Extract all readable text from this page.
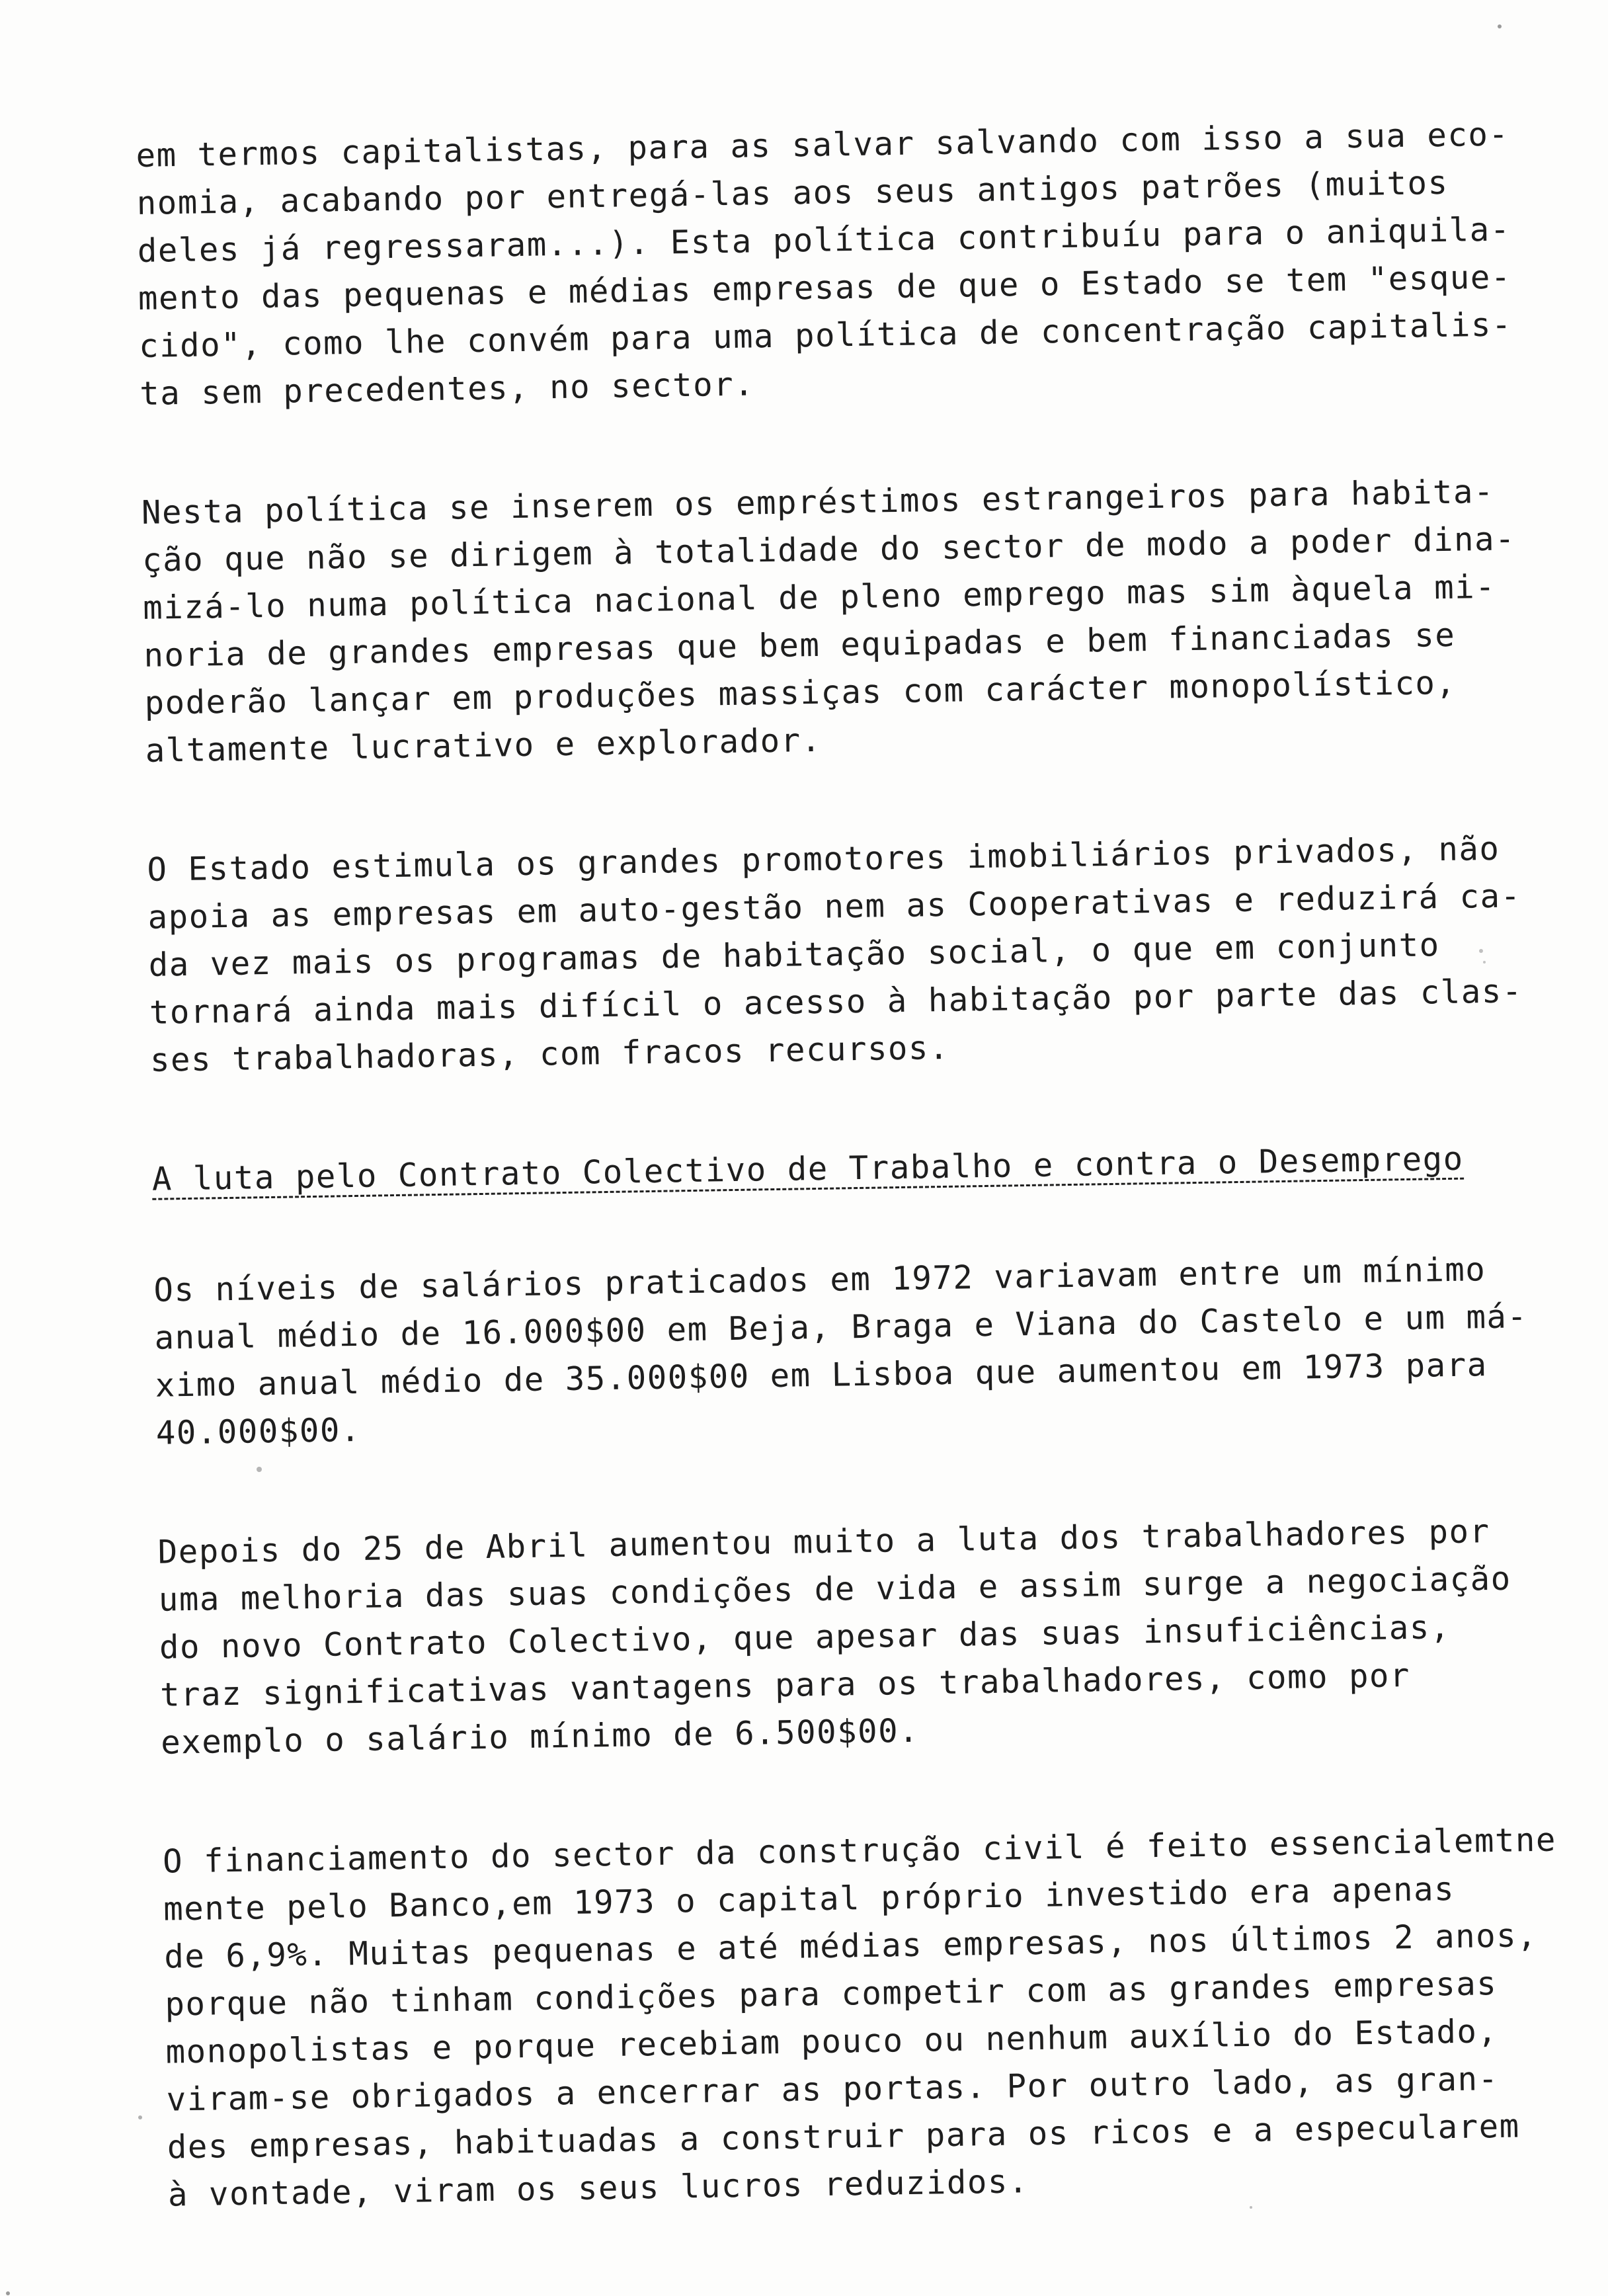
em termos capitalistas, para as salvar salvando com isso a sua eco-
nomia, acabando por entregá-las aos seus antigos patrões (muitos
deles já regressaram...). Esta política contribuíu para o aniquila-
mento das pequenas e médias empresas de que o Estado se tem "esque-
cido", como lhe convém para uma política de concentração capitalis-
ta sem precedentes, no sector.
Nesta política se inserem os empréstimos estrangeiros para habita-
ção que não se dirigem à totalidade do sector de modo a poder dina-
mizá-lo numa política nacional de pleno emprego mas sim àquela mi-
noria de grandes empresas que bem equipadas e bem financiadas se
poderão lançar em produções massiças com carácter monopolístico,
altamente lucrativo e explorador.
O Estado estimula os grandes promotores imobiliários privados, não
apoia as empresas em auto-gestão nem as Cooperativas e reduzirá ca-
da vez mais os programas de habitação social, o que em conjunto
tornará ainda mais difícil o acesso à habitação por parte das clas-
ses trabalhadoras, com fracos recursos.
A luta pelo Contrato Colectivo de Trabalho e contra o Desemprego
Os níveis de salários praticados em 1972 variavam entre um mínimo
anual médio de 16.000$00 em Beja, Braga e Viana do Castelo e um má-
ximo anual médio de 35.000$00 em Lisboa que aumentou em 1973 para
40.000$00.
Depois do 25 de Abril aumentou muito a luta dos trabalhadores por
uma melhoria das suas condições de vida e assim surge a negociação
do novo Contrato Colectivo, que apesar das suas insuficiências,
traz significativas vantagens para os trabalhadores, como por
exemplo o salário mínimo de 6.500$00.
O financiamento do sector da construção civil é feito essencialemtne
mente pelo Banco,em 1973 o capital próprio investido era apenas
de 6,9%. Muitas pequenas e até médias empresas, nos últimos 2 anos,
porque não tinham condições para competir com as grandes empresas
monopolistas e porque recebiam pouco ou nenhum auxílio do Estado,
viram-se obrigados a encerrar as portas. Por outro lado, as gran-
des empresas, habituadas a construir para os ricos e a especularem
à vontade, viram os seus lucros reduzidos.
